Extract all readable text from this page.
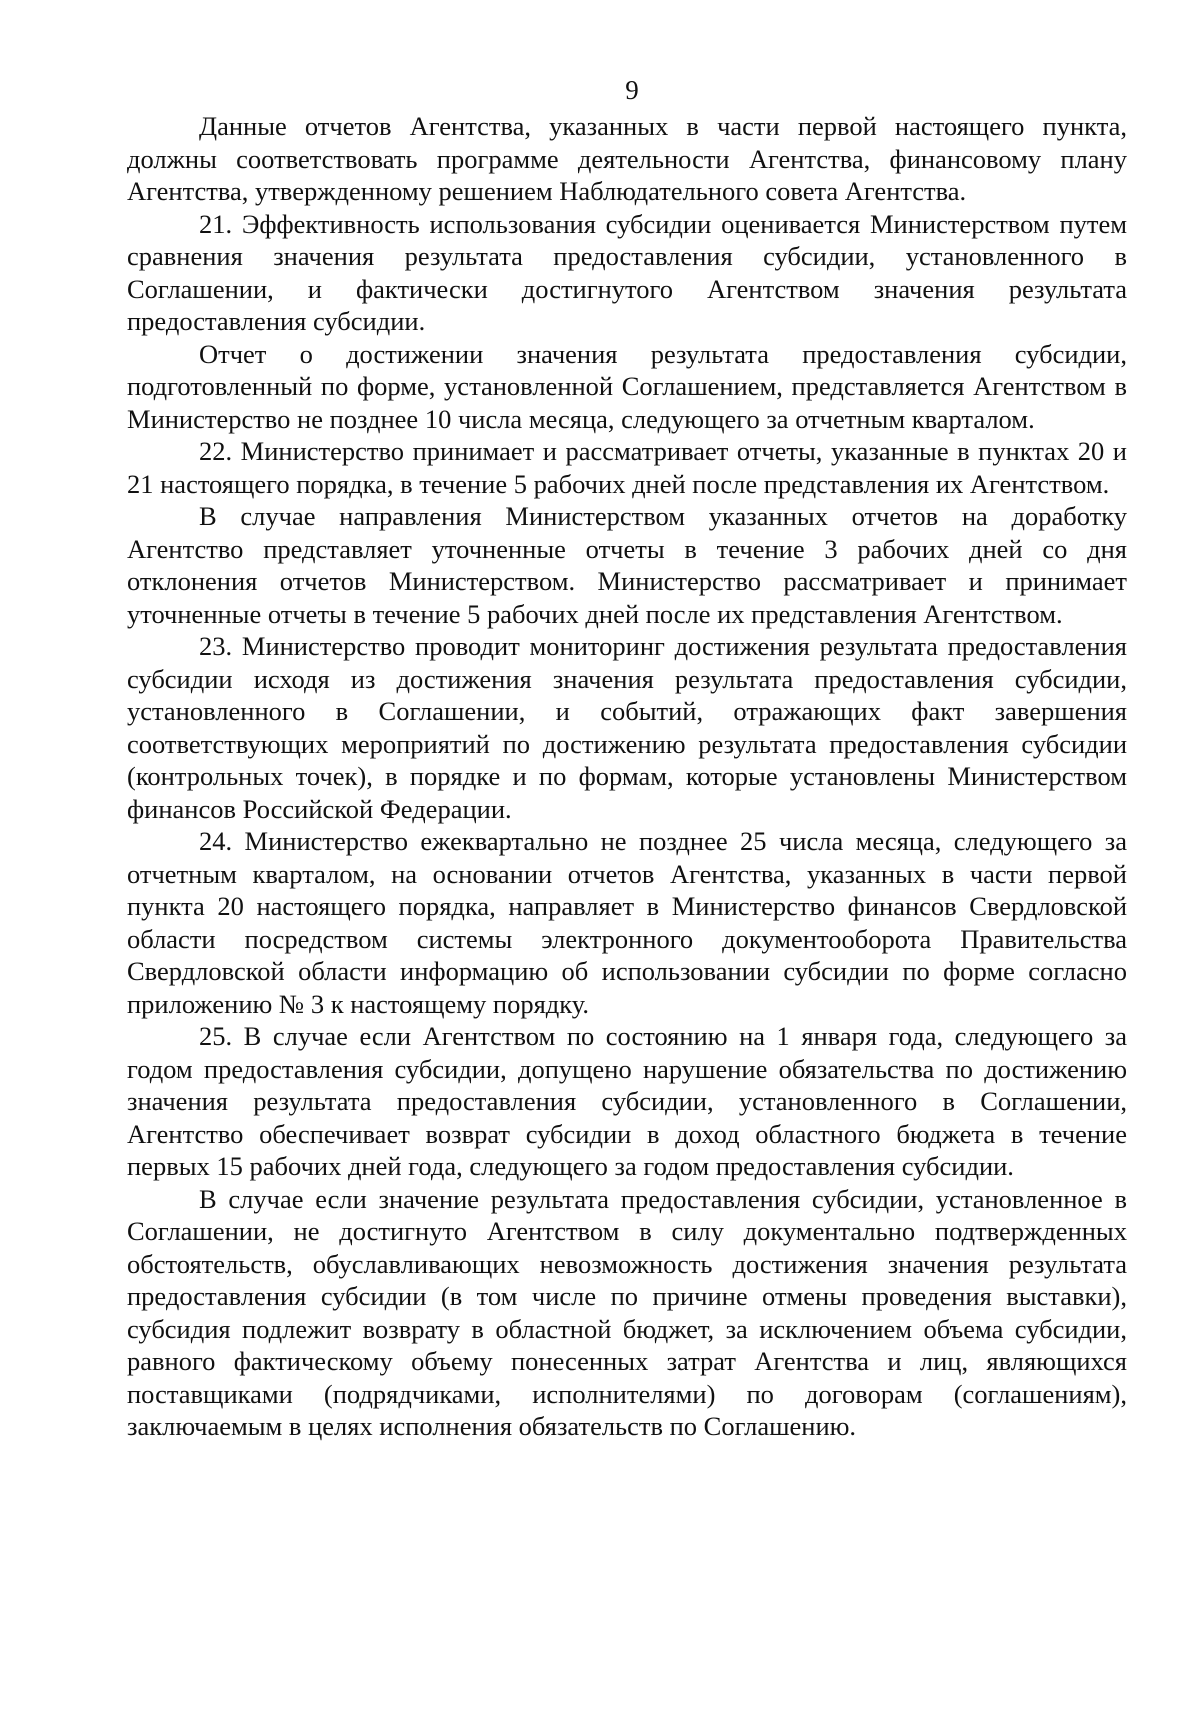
9

Данные отчетов Агентства, указанных в части первой настоящего пункта, должны соответствовать программе деятельности Агентства, финансовому плану Агентства, утвержденному решением Наблюдательного совета Агентства.

21. Эффективность использования субсидии оценивается Министерством путем сравнения значения результата предоставления субсидии, установленного в Соглашении, и фактически достигнутого Агентством значения результата предоставления субсидии.

Отчет о достижении значения результата предоставления субсидии, подготовленный по форме, установленной Соглашением, представляется Агентством в Министерство не позднее 10 числа месяца, следующего за отчетным кварталом.

22. Министерство принимает и рассматривает отчеты, указанные в пунктах 20 и 21 настоящего порядка, в течение 5 рабочих дней после представления их Агентством.

В случае направления Министерством указанных отчетов на доработку Агентство представляет уточненные отчеты в течение 3 рабочих дней со дня отклонения отчетов Министерством. Министерство рассматривает и принимает уточненные отчеты в течение 5 рабочих дней после их представления Агентством.

23. Министерство проводит мониторинг достижения результата предоставления субсидии исходя из достижения значения результата предоставления субсидии, установленного в Соглашении, и событий, отражающих факт завершения соответствующих мероприятий по достижению результата предоставления субсидии (контрольных точек), в порядке и по формам, которые установлены Министерством финансов Российской Федерации.

24. Министерство ежеквартально не позднее 25 числа месяца, следующего за отчетным кварталом, на основании отчетов Агентства, указанных в части первой пункта 20 настоящего порядка, направляет в Министерство финансов Свердловской области посредством системы электронного документооборота Правительства Свердловской области информацию об использовании субсидии по форме согласно приложению № 3 к настоящему порядку.

25. В случае если Агентством по состоянию на 1 января года, следующего за годом предоставления субсидии, допущено нарушение обязательства по достижению значения результата предоставления субсидии, установленного в Соглашении, Агентство обеспечивает возврат субсидии в доход областного бюджета в течение первых 15 рабочих дней года, следующего за годом предоставления субсидии.

В случае если значение результата предоставления субсидии, установленное в Соглашении, не достигнуто Агентством в силу документально подтвержденных обстоятельств, обуславливающих невозможность достижения значения результата предоставления субсидии (в том числе по причине отмены проведения выставки), субсидия подлежит возврату в областной бюджет, за исключением объема субсидии, равного фактическому объему понесенных затрат Агентства и лиц, являющихся поставщиками (подрядчиками, исполнителями) по договорам (соглашениям), заключаемым в целях исполнения обязательств по Соглашению.
